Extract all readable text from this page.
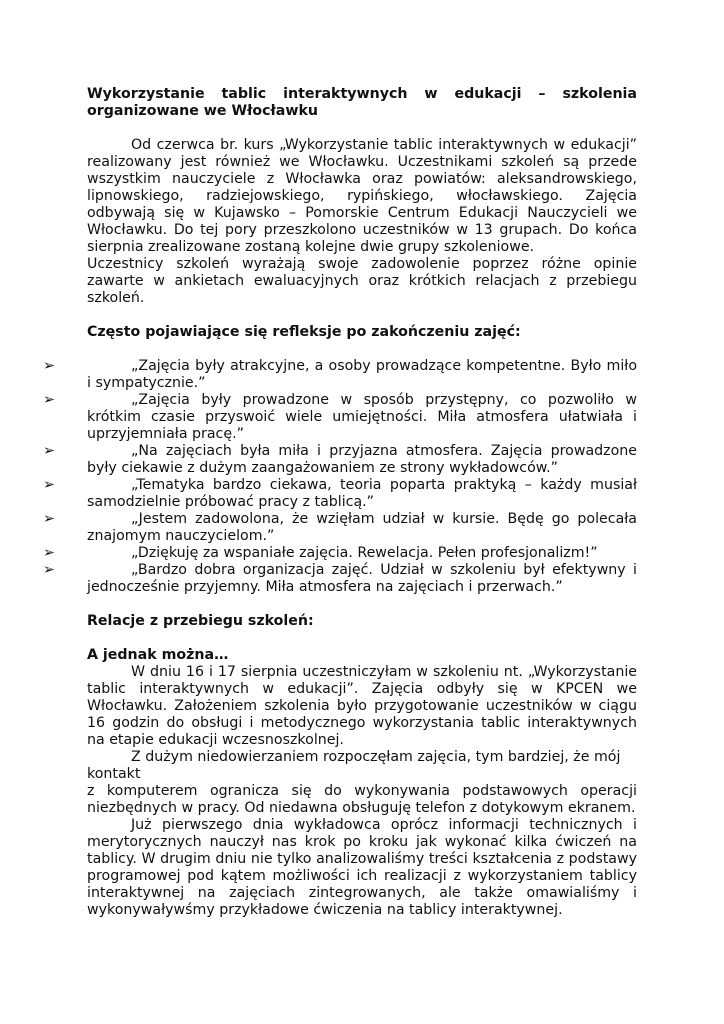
Wykorzystanie tablic interaktywnych w edukacji – szkolenia organizowane we Włocławku

Od czerwca br. kurs „Wykorzystanie tablic interaktywnych w edukacji” realizowany jest również we Włocławku. Uczestnikami szkoleń są przede wszystkim nauczyciele z Włocławka oraz powiatów: aleksandrowskiego, lipnowskiego, radziejowskiego, rypińskiego, włocławskiego. Zajęcia odbywają się w Kujawsko – Pomorskie Centrum Edukacji Nauczycieli we Włocławku. Do tej pory przeszkolono uczestników w 13 grupach. Do końca sierpnia zrealizowane zostaną kolejne dwie grupy szkoleniowe.

Uczestnicy szkoleń wyrażają swoje zadowolenie poprzez różne opinie zawarte w ankietach ewaluacyjnych oraz krótkich relacjach z przebiegu szkoleń.

Często pojawiające się refleksje po zakończeniu zajęć:

➢	„Zajęcia były atrakcyjne, a osoby prowadzące kompetentne. Było miło i sympatycznie.”
➢	„Zajęcia były prowadzone w sposób przystępny, co pozwoliło w krótkim czasie przyswoić wiele umiejętności. Miła atmosfera ułatwiała i uprzyjemniała pracę.”
➢	„Na zajęciach była miła i przyjazna atmosfera. Zajęcia prowadzone były ciekawie z dużym zaangażowaniem ze strony wykładowców.”
➢	„Tematyka bardzo ciekawa, teoria poparta praktyką – każdy musiał samodzielnie próbować pracy z tablicą.”
➢	„Jestem zadowolona, że wzięłam udział w kursie. Będę go polecała znajomym nauczycielom.”
➢	„Dziękuję za wspaniałe zajęcia. Rewelacja. Pełen profesjonalizm!”
➢	„Bardzo dobra organizacja zajęć. Udział w szkoleniu był efektywny i jednocześnie przyjemny. Miła atmosfera na zajęciach i przerwach.”

Relacje z przebiegu szkoleń:

A jednak można…

W dniu 16 i 17 sierpnia uczestniczyłam w szkoleniu nt. „Wykorzystanie tablic interaktywnych w edukacji”. Zajęcia odbyły się w KPCEN we Włocławku. Założeniem szkolenia było przygotowanie uczestników w ciągu 16 godzin do obsługi i metodycznego wykorzystania tablic interaktywnych na etapie edukacji wczesnoszkolnej.

Z dużym niedowierzaniem rozpoczęłam zajęcia, tym bardziej, że mój kontakt

z komputerem ogranicza się do wykonywania podstawowych operacji niezbędnych w pracy. Od niedawna obsługuję telefon z dotykowym ekranem.

Już pierwszego dnia wykładowca oprócz informacji technicznych i merytorycznych nauczył nas krok po kroku jak wykonać kilka ćwiczeń na tablicy. W drugim dniu nie tylko analizowaliśmy treści kształcenia z podstawy programowej pod kątem możliwości ich realizacji z wykorzystaniem tablicy interaktywnej na zajęciach zintegrowanych, ale także omawialiśmy i wykonywaływśmy przykładowe ćwiczenia na tablicy interaktywnej.
